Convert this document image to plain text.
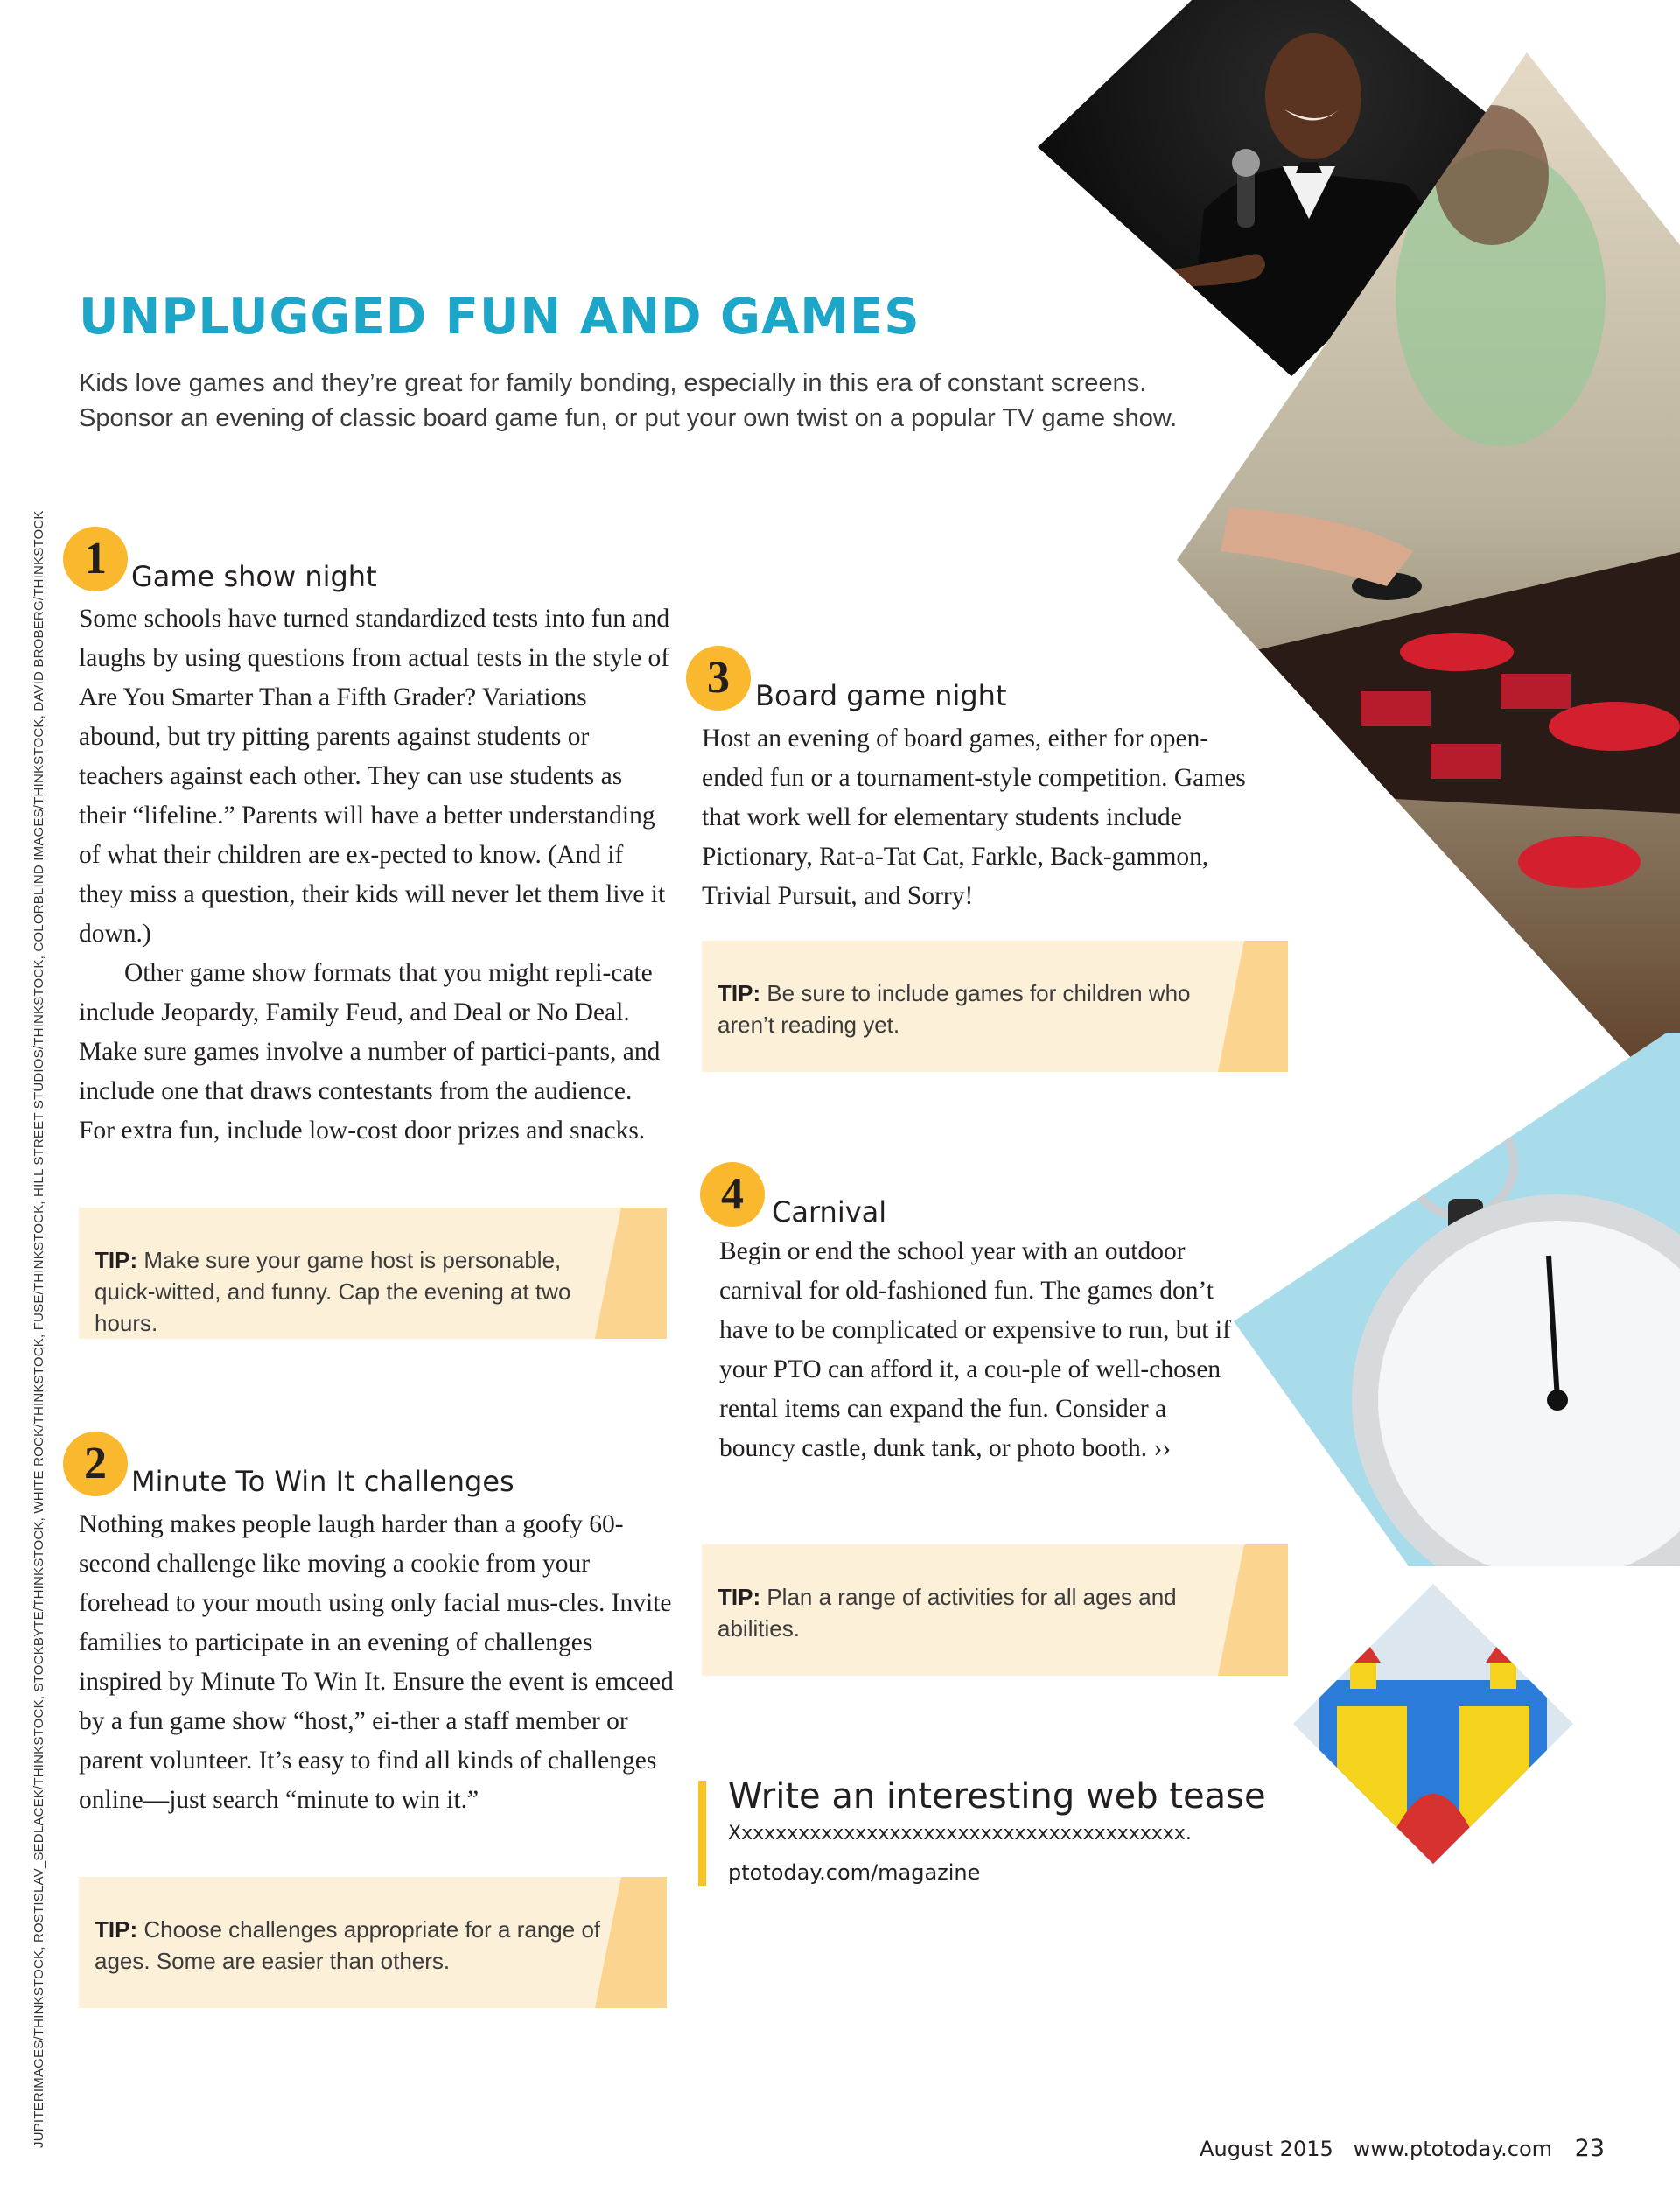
JUPITERIMAGES/THINKSTOCK, ROSTISLAV_SEDLACEK/THINKSTOCK, STOCKBYTE/THINKSTOCK, WHITE ROCK/THINKSTOCK, FUSE/THINKSTOCK, HILL STREET STUDIOS/THINKSTOCK, COLORBLIND IMAGES/THINKSTOCK, DAVID BROBERG/THINKSTOCK
UNPLUGGED FUN AND GAMES
Kids love games and they’re great for family bonding, especially in this era of constant screens. Sponsor an evening of classic board game fun, or put your own twist on a popular TV game show.
1 Game show night

Some schools have turned standardized tests into fun and laughs by using questions from actual tests in the style of Are You Smarter Than a Fifth Grader? Variations abound, but try pitting parents against students or teachers against each other. They can use students as their “lifeline.” Parents will have a better understanding of what their children are ex-pected to know. (And if they miss a question, their kids will never let them live it down.)

Other game show formats that you might repli-cate include Jeopardy, Family Feud, and Deal or No Deal. Make sure games involve a number of partici-pants, and include one that draws contestants from the audience. For extra fun, include low-cost door prizes and snacks.

TIP: Make sure your game host is personable, quick-witted, and funny. Cap the evening at two hours.
2 Minute To Win It challenges

Nothing makes people laugh harder than a goofy 60-second challenge like moving a cookie from your forehead to your mouth using only facial mus-cles. Invite families to participate in an evening of challenges inspired by Minute To Win It. Ensure the event is emceed by a fun game show “host,” ei-ther a staff member or parent volunteer. It’s easy to find all kinds of challenges online—just search “minute to win it.”

TIP: Choose challenges appropriate for a range of ages. Some are easier than others.
3 Board game night

Host an evening of board games, either for open-ended fun or a tournament-style competition. Games that work well for elementary students include Pictionary, Rat-a-Tat Cat, Farkle, Back-gammon, Trivial Pursuit, and Sorry!

TIP: Be sure to include games for children who aren’t reading yet.
4	Carnival

Begin or end the school year with an outdoor carnival for old-fashioned fun. The games don’t have to be complicated or expensive to run, but if your PTO can afford it, a cou-ple of well-chosen rental items can expand the fun. Consider a bouncy castle, dunk tank, or photo booth. ››

TIP: Plan a range of activities for all ages and abilities.
Write an interesting web tease
Xxxxxxxxxxxxxxxxxxxxxxxxxxxxxxxxxxxxxxxx.
ptotoday.com/magazine
August 2015 www.ptotoday.com 23
